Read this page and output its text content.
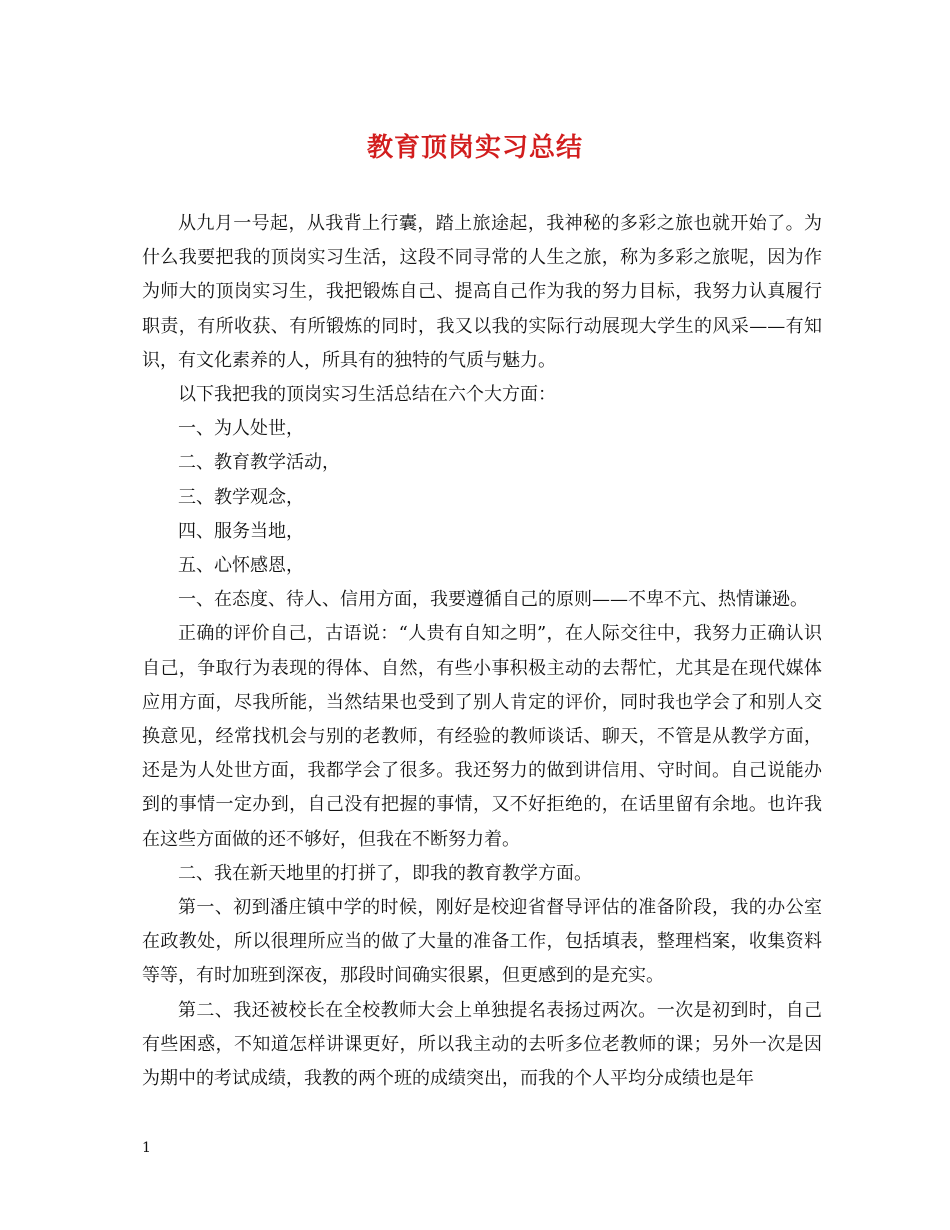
教育顶岗实习总结

从九月一号起，从我背上行囊，踏上旅途起，我神秘的多彩之旅也就开始了。为什么我要把我的顶岗实习生活，这段不同寻常的人生之旅，称为多彩之旅呢，因为作为师大的顶岗实习生，我把锻炼自己、提高自己作为我的努力目标，我努力认真履行职责，有所收获、有所锻炼的同时，我又以我的实际行动展现大学生的风采——有知识，有文化素养的人，所具有的独特的气质与魅力。

以下我把我的顶岗实习生活总结在六个大方面：

一、为人处世，

二、教育教学活动，

三、教学观念，

四、服务当地，

五、心怀感恩，

一、在态度、待人、信用方面，我要遵循自己的原则——不卑不亢、热情谦逊。

正确的评价自己，古语说：“人贵有自知之明”，在人际交往中，我努力正确认识自己，争取行为表现的得体、自然，有些小事积极主动的去帮忙，尤其是在现代媒体应用方面，尽我所能，当然结果也受到了别人肯定的评价，同时我也学会了和别人交换意见，经常找机会与别的老教师，有经验的教师谈话、聊天，不管是从教学方面，还是为人处世方面，我都学会了很多。我还努力的做到讲信用、守时间。自己说能办到的事情一定办到，自己没有把握的事情，又不好拒绝的，在话里留有余地。也许我在这些方面做的还不够好，但我在不断努力着。

二、我在新天地里的打拼了，即我的教育教学方面。

第一、初到潘庄镇中学的时候，刚好是校迎省督导评估的准备阶段，我的办公室在政教处，所以很理所应当的做了大量的准备工作，包括填表，整理档案，收集资料等等，有时加班到深夜，那段时间确实很累，但更感到的是充实。

第二、我还被校长在全校教师大会上单独提名表扬过两次。一次是初到时，自己有些困惑，不知道怎样讲课更好，所以我主动的去听多位老教师的课；另外一次是因为期中的考试成绩，我教的两个班的成绩突出，而我的个人平均分成绩也是年

1
